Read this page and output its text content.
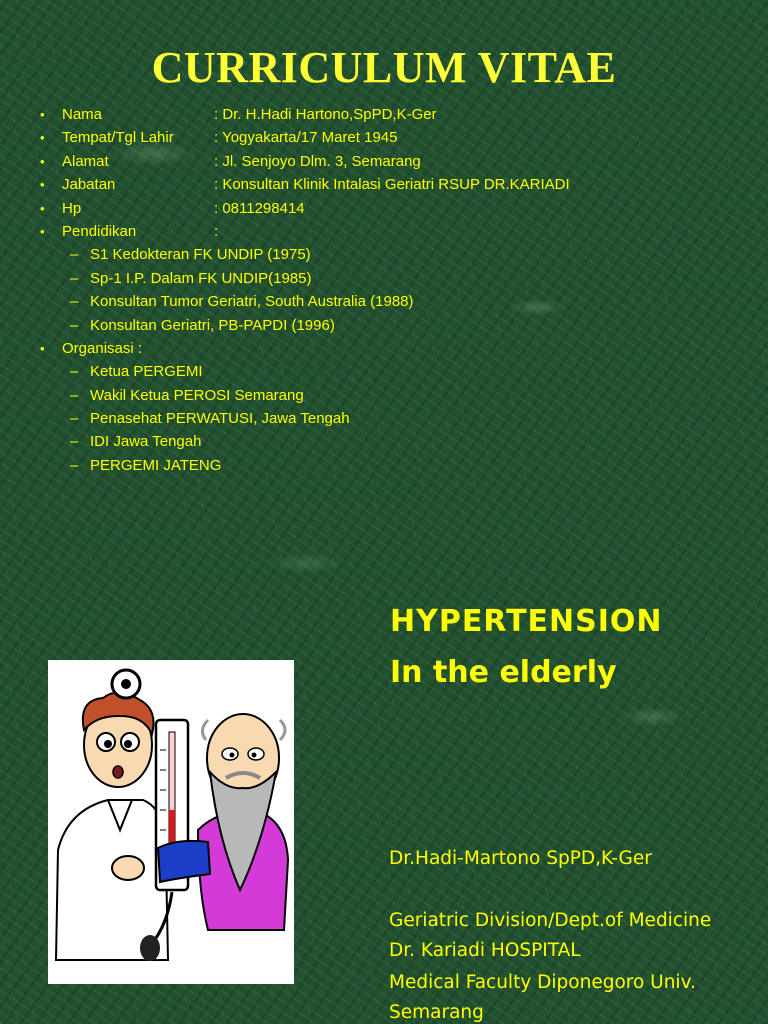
CURRICULUM VITAE
• Nama	: Dr. H.Hadi Hartono,SpPD,K-Ger
• Tempat/Tgl Lahir	: Yogyakarta/17 Maret 1945
• Alamat	: Jl. Senjoyo Dlm. 3, Semarang
• Jabatan	: Konsultan Klinik Intalasi Geriatri RSUP DR.KARIADI
• Hp	: 0811298414
• Pendidikan	:
– S1 Kedokteran FK UNDIP (1975)
– Sp-1 I.P. Dalam FK UNDIP(1985)
– Konsultan Tumor Geriatri, South Australia (1988)
– Konsultan Geriatri, PB-PAPDI (1996)
• Organisasi :
– Ketua PERGEMI
– Wakil Ketua PEROSI Semarang
– Penasehat PERWATUSI, Jawa Tengah
– IDI Jawa Tengah
– PERGEMI JATENG
HYPERTENSION
In the elderly
Dr.Hadi-Martono SpPD,K-Ger
Geriatric Division/Dept.of Medicine
Dr. Kariadi HOSPITAL
Medical Faculty Diponegoro Univ.
Semarang
